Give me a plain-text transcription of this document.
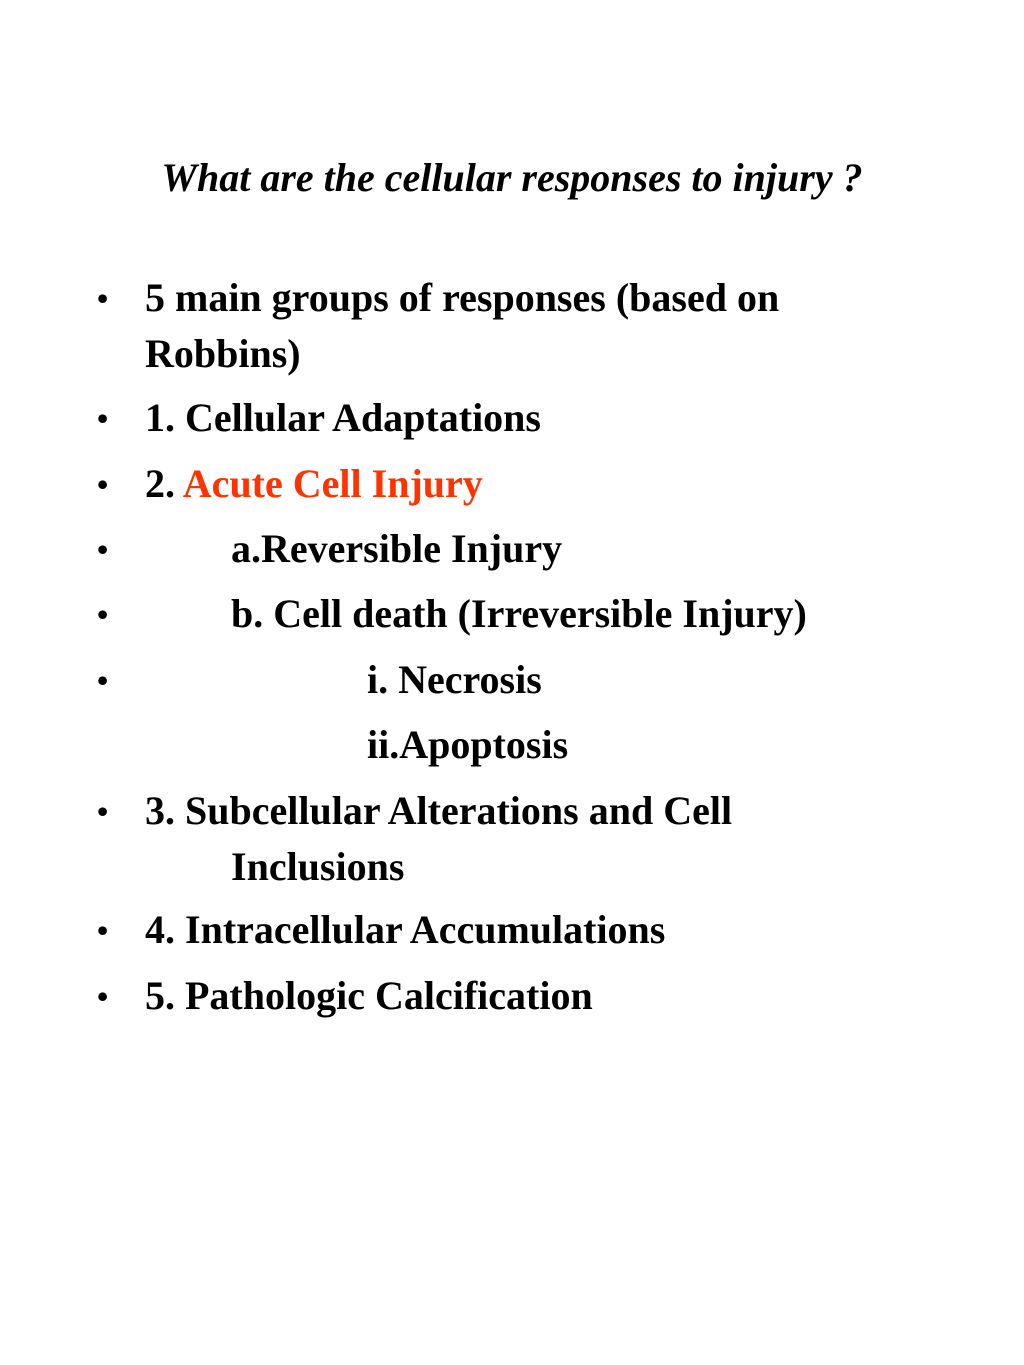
What are the cellular responses to injury ?
• 5 main groups of responses (based on
Robbins)
• 1. Cellular Adaptations
• 2. Acute Cell Injury
•	a.Reversible Injury
•	b. Cell death (Irreversible Injury)
•	i. Necrosis
ii.Apoptosis
• 3. Subcellular Alterations and Cell
Inclusions
• 4. Intracellular Accumulations
• 5. Pathologic Calcification
